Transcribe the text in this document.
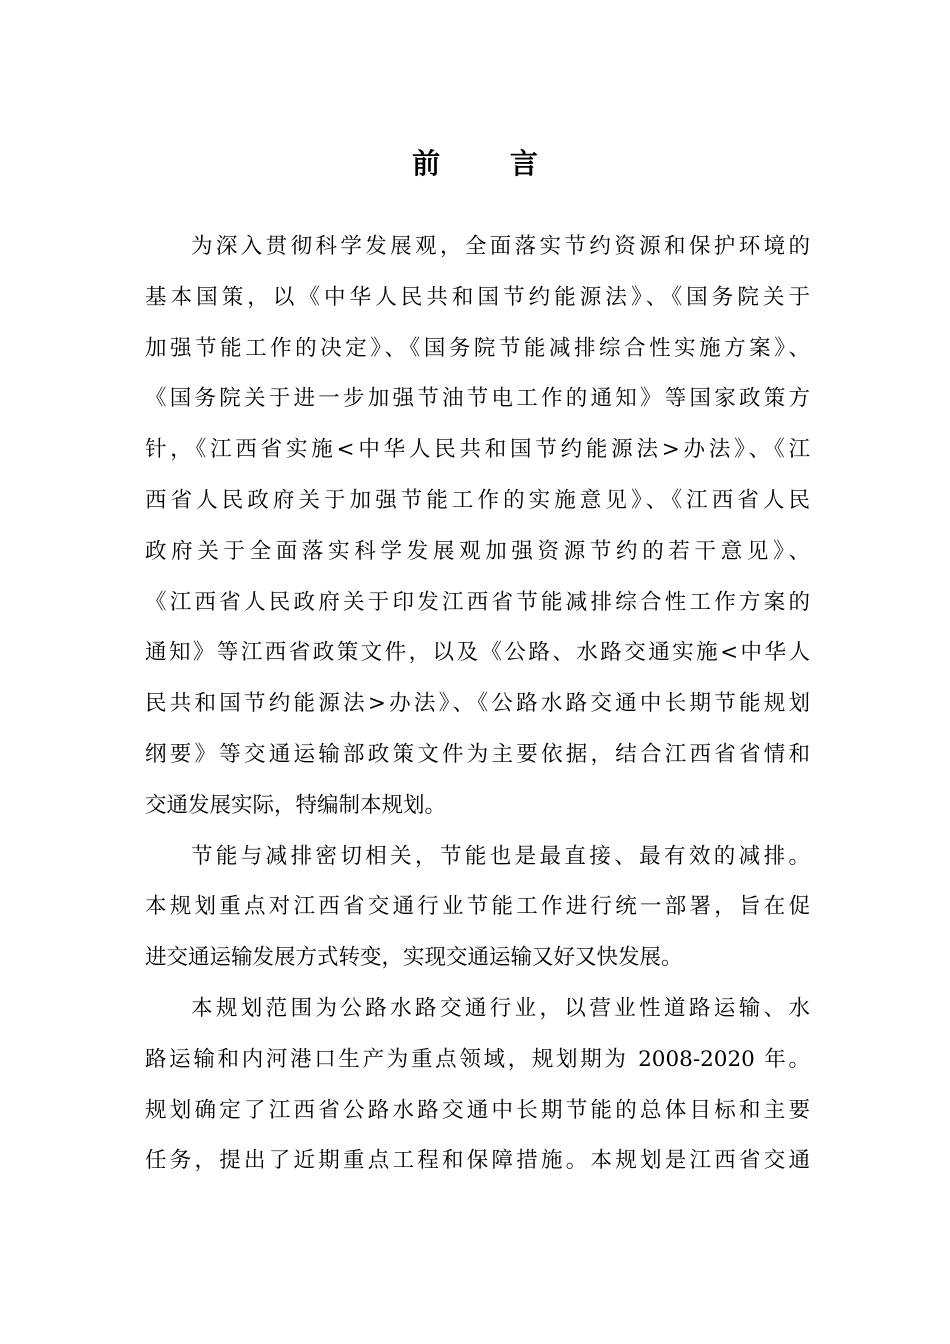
前 言
为深入贯彻科学发展观，全面落实节约资源和保护环境的
基本国策，以《中华人民共和国节约能源法》、《国务院关于
加强节能工作的决定》、《国务院节能减排综合性实施方案》、
《国务院关于进一步加强节油节电工作的通知》等国家政策方
针，《江西省实施<中华人民共和国节约能源法>办法》、《江
西省人民政府关于加强节能工作的实施意见》、《江西省人民
政府关于全面落实科学发展观加强资源节约的若干意见》、
《江西省人民政府关于印发江西省节能减排综合性工作方案的
通知》等江西省政策文件，以及《公路、水路交通实施<中华人
民共和国节约能源法>办法》、《公路水路交通中长期节能规划
纲要》等交通运输部政策文件为主要依据，结合江西省省情和
交通发展实际，特编制本规划。
节能与减排密切相关，节能也是最直接、最有效的减排。
本规划重点对江西省交通行业节能工作进行统一部署，旨在促
进交通运输发展方式转变，实现交通运输又好又快发展。
本规划范围为公路水路交通行业，以营业性道路运输、水
路运输和内河港口生产为重点领域，规划期为 2008-2020 年。
规划确定了江西省公路水路交通中长期节能的总体目标和主要
任务，提出了近期重点工程和保障措施。本规划是江西省交通
